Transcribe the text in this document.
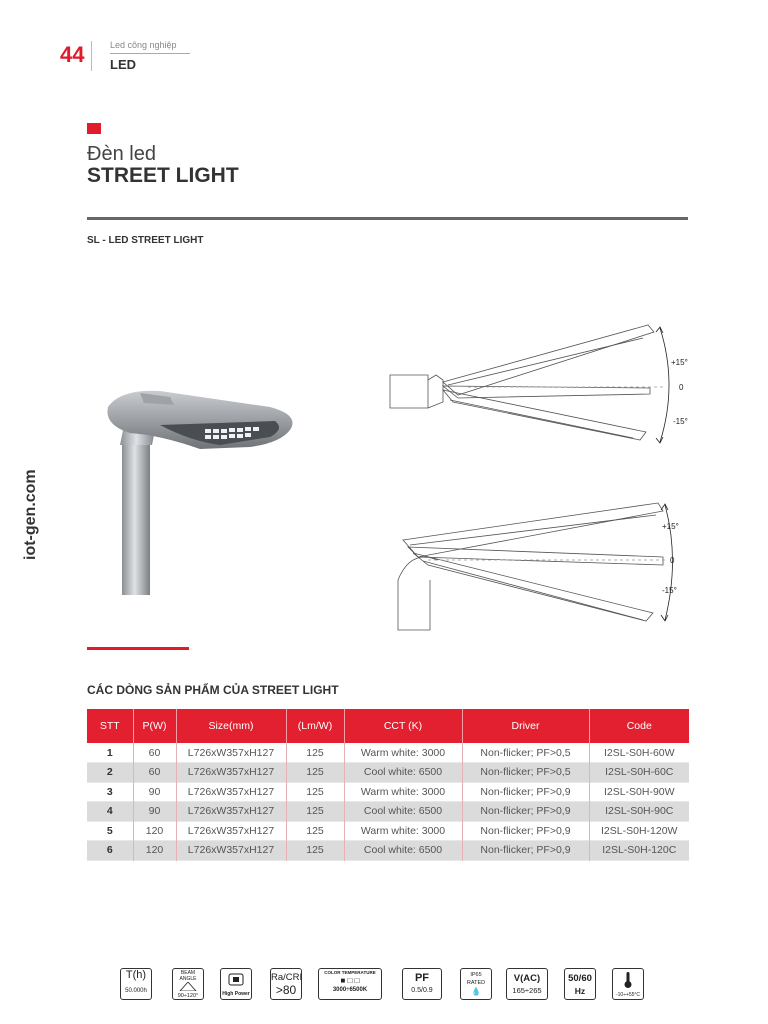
44	Led công nghiệp
LED
iot-gen.com
Đèn led
STREET LIGHT
SL - LED STREET LIGHT
+15°
0
-15°
+15°
0
-15°
CÁC DÒNG SẢN PHẨM CỦA STREET LIGHT
STT	P(W)	Size(mm)	(Lm/W)	CCT (K)	Driver	Code
1	60	L726xW357xH127	125	Warm white: 3000	Non-flicker; PF>0,5	I2SL-S0H-60W
2	60	L726xW357xH127	125	Cool white: 6500	Non-flicker; PF>0,5	I2SL-S0H-60C
3	90	L726xW357xH127	125	Warm white: 3000	Non-flicker; PF>0,9	I2SL-S0H-90W
4	90	L726xW357xH127	125	Cool white: 6500	Non-flicker; PF>0,9	I2SL-S0H-90C
5	120	L726xW357xH127	125	Warm white: 3000	Non-flicker; PF>0,9	I2SL-S0H-120W
6	120	L726xW357xH127	125	Cool white: 6500	Non-flicker; PF>0,9	I2SL-S0H-120C
T(h)
50.000h
BEAM ANGLE
90÷120°	High Power
Ra/CRI
>80
COLOR TEMPERATURE
■ □ □
3000÷6500K
PF
0.5/0.9
IP65
RATED
💧
V(AC)
165÷265
50/60
Hz	-10÷+55°C
